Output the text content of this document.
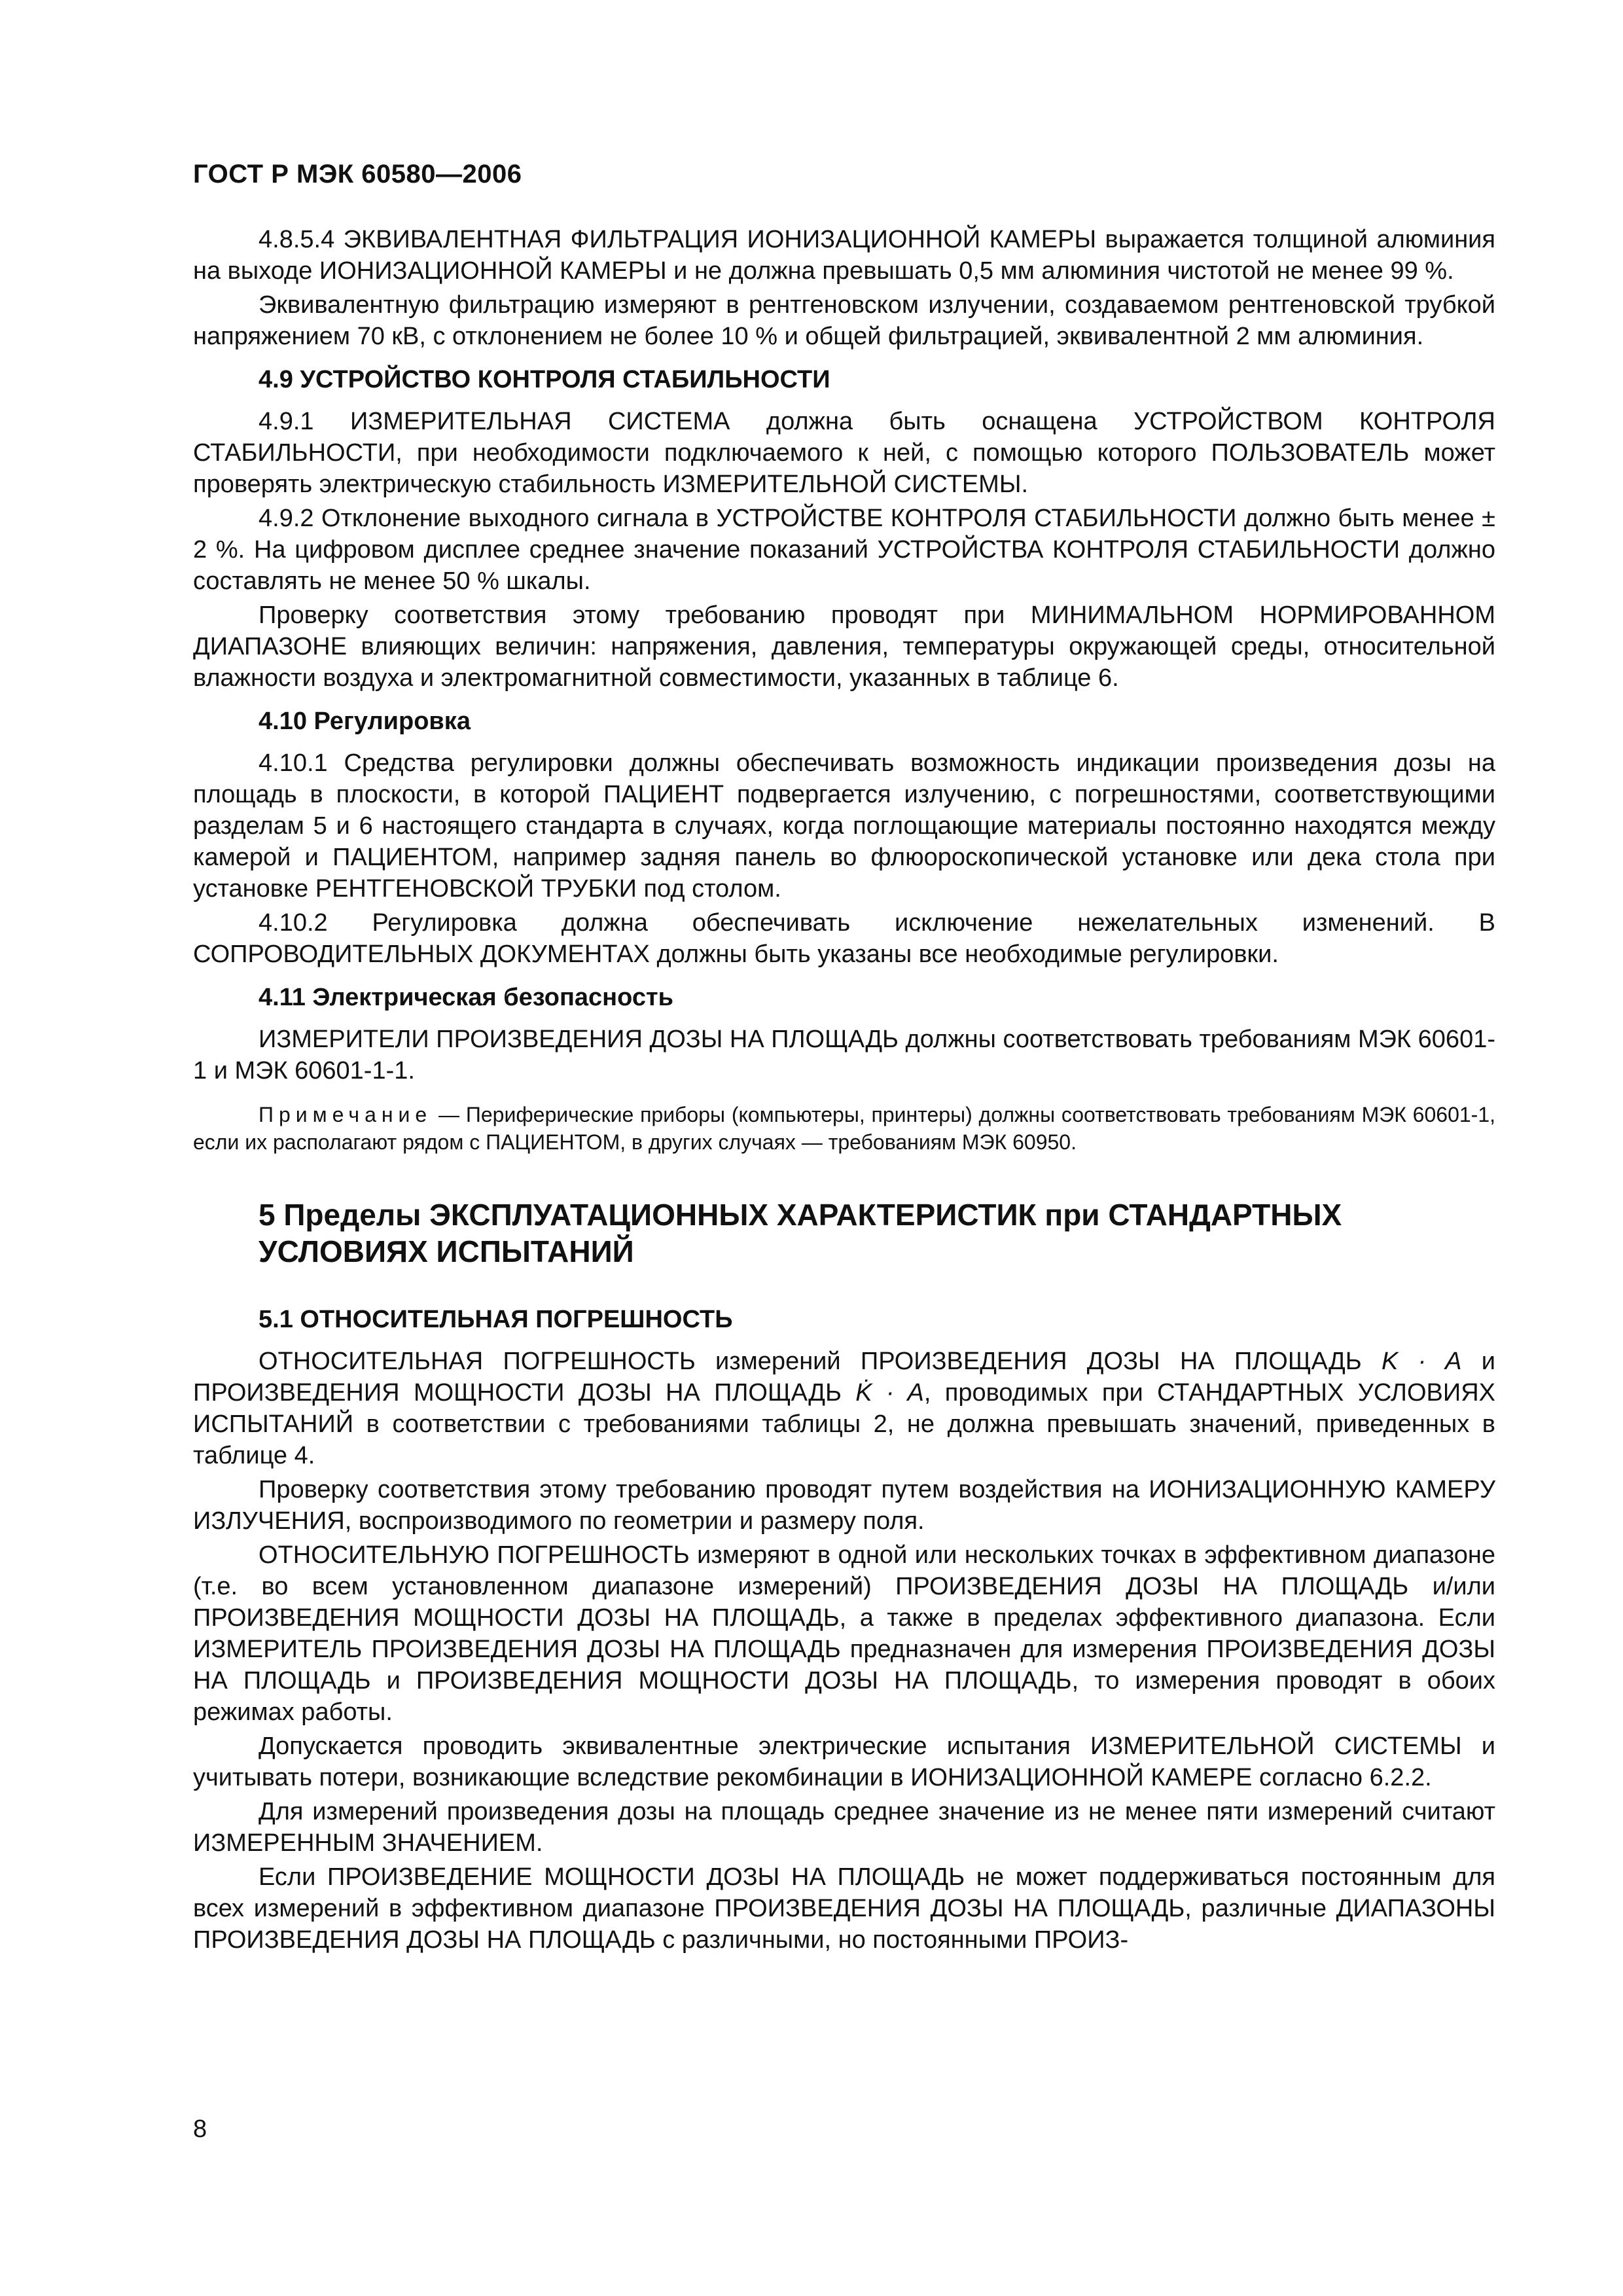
ГОСТ Р МЭК 60580—2006

4.8.5.4 ЭКВИВАЛЕНТНАЯ ФИЛЬТРАЦИЯ ИОНИЗАЦИОННОЙ КАМЕРЫ выражается толщиной алюминия на выходе ИОНИЗАЦИОННОЙ КАМЕРЫ и не должна превышать 0,5 мм алюминия чистотой не менее 99 %.

Эквивалентную фильтрацию измеряют в рентгеновском излучении, создаваемом рентгеновской трубкой напряжением 70 кВ, с отклонением не более 10 % и общей фильтрацией, эквивалентной 2 мм алюминия.

4.9 УСТРОЙСТВО КОНТРОЛЯ СТАБИЛЬНОСТИ

4.9.1 ИЗМЕРИТЕЛЬНАЯ СИСТЕМА должна быть оснащена УСТРОЙСТВОМ КОНТРОЛЯ СТАБИЛЬНОСТИ, при необходимости подключаемого к ней, с помощью которого ПОЛЬЗОВАТЕЛЬ может проверять электрическую стабильность ИЗМЕРИТЕЛЬНОЙ СИСТЕМЫ.

4.9.2 Отклонение выходного сигнала в УСТРОЙСТВЕ КОНТРОЛЯ СТАБИЛЬНОСТИ должно быть менее ± 2 %. На цифровом дисплее среднее значение показаний УСТРОЙСТВА КОНТРОЛЯ СТАБИЛЬНОСТИ должно составлять не менее 50 % шкалы.

Проверку соответствия этому требованию проводят при МИНИМАЛЬНОМ НОРМИРОВАННОМ ДИАПАЗОНЕ влияющих величин: напряжения, давления, температуры окружающей среды, относительной влажности воздуха и электромагнитной совместимости, указанных в таблице 6.

4.10 Регулировка

4.10.1 Средства регулировки должны обеспечивать возможность индикации произведения дозы на площадь в плоскости, в которой ПАЦИЕНТ подвергается излучению, с погрешностями, соответствующими разделам 5 и 6 настоящего стандарта в случаях, когда поглощающие материалы постоянно находятся между камерой и ПАЦИЕНТОМ, например задняя панель во флюороскопической установке или дека стола при установке РЕНТГЕНОВСКОЙ ТРУБКИ под столом.

4.10.2 Регулировка должна обеспечивать исключение нежелательных изменений. В СОПРОВОДИТЕЛЬНЫХ ДОКУМЕНТАХ должны быть указаны все необходимые регулировки.

4.11 Электрическая безопасность

ИЗМЕРИТЕЛИ ПРОИЗВЕДЕНИЯ ДОЗЫ НА ПЛОЩАДЬ должны соответствовать требованиям МЭК 60601-1 и МЭК 60601-1-1.

Примечание — Периферические приборы (компьютеры, принтеры) должны соответствовать требованиям МЭК 60601-1, если их располагают рядом с ПАЦИЕНТОМ, в других случаях — требованиям МЭК 60950.
5 Пределы ЭКСПЛУАТАЦИОННЫХ ХАРАКТЕРИСТИК при СТАНДАРТНЫХ УСЛОВИЯХ ИСПЫТАНИЙ
5.1 ОТНОСИТЕЛЬНАЯ ПОГРЕШНОСТЬ

ОТНОСИТЕЛЬНАЯ ПОГРЕШНОСТЬ измерений ПРОИЗВЕДЕНИЯ ДОЗЫ НА ПЛОЩАДЬ K · A и ПРОИЗВЕДЕНИЯ МОЩНОСТИ ДОЗЫ НА ПЛОЩАДЬ K̇ · A, проводимых при СТАНДАРТНЫХ УСЛОВИЯХ ИСПЫТАНИЙ в соответствии с требованиями таблицы 2, не должна превышать значений, приведенных в таблице 4.

Проверку соответствия этому требованию проводят путем воздействия на ИОНИЗАЦИОННУЮ КАМЕРУ ИЗЛУЧЕНИЯ, воспроизводимого по геометрии и размеру поля.

ОТНОСИТЕЛЬНУЮ ПОГРЕШНОСТЬ измеряют в одной или нескольких точках в эффективном диапазоне (т.е. во всем установленном диапазоне измерений) ПРОИЗВЕДЕНИЯ ДОЗЫ НА ПЛОЩАДЬ и/или ПРОИЗВЕДЕНИЯ МОЩНОСТИ ДОЗЫ НА ПЛОЩАДЬ, а также в пределах эффективного диапазона. Если ИЗМЕРИТЕЛЬ ПРОИЗВЕДЕНИЯ ДОЗЫ НА ПЛОЩАДЬ предназначен для измерения ПРОИЗВЕДЕНИЯ ДОЗЫ НА ПЛОЩАДЬ и ПРОИЗВЕДЕНИЯ МОЩНОСТИ ДОЗЫ НА ПЛОЩАДЬ, то измерения проводят в обоих режимах работы.

Допускается проводить эквивалентные электрические испытания ИЗМЕРИТЕЛЬНОЙ СИСТЕМЫ и учитывать потери, возникающие вследствие рекомбинации в ИОНИЗАЦИОННОЙ КАМЕРЕ согласно 6.2.2.

Для измерений произведения дозы на площадь среднее значение из не менее пяти измерений считают ИЗМЕРЕННЫМ ЗНАЧЕНИЕМ.

Если ПРОИЗВЕДЕНИЕ МОЩНОСТИ ДОЗЫ НА ПЛОЩАДЬ не может поддерживаться постоянным для всех измерений в эффективном диапазоне ПРОИЗВЕДЕНИЯ ДОЗЫ НА ПЛОЩАДЬ, различные ДИАПАЗОНЫ ПРОИЗВЕДЕНИЯ ДОЗЫ НА ПЛОЩАДЬ с различными, но постоянными ПРОИЗ-

8
